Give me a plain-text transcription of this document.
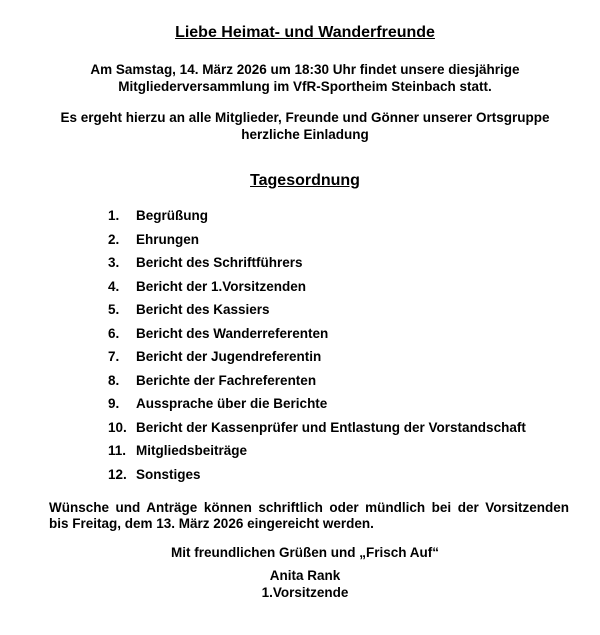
Liebe Heimat- und Wanderfreunde
Am Samstag, 14. März 2026 um 18:30 Uhr findet unsere diesjährige
Mitgliederversammlung im VfR-Sportheim Steinbach statt.
Es ergeht hierzu an alle Mitglieder, Freunde und Gönner unserer Ortsgruppe
herzliche Einladung
Tagesordnung
1. Begrüßung
2. Ehrungen
3. Bericht des Schriftführers
4. Bericht der 1.Vorsitzenden
5. Bericht des Kassiers
6. Bericht des Wanderreferenten
7. Bericht der Jugendreferentin
8. Berichte der Fachreferenten
9. Aussprache über die Berichte
10. Bericht der Kassenprüfer und Entlastung der Vorstandschaft
11. Mitgliedsbeiträge
12. Sonstiges
Wünsche und Anträge können schriftlich oder mündlich bei der Vorsitzenden
bis Freitag, dem 13. März 2026 eingereicht werden.
Mit freundlichen Grüßen und „Frisch Auf“
Anita Rank
1.Vorsitzende
